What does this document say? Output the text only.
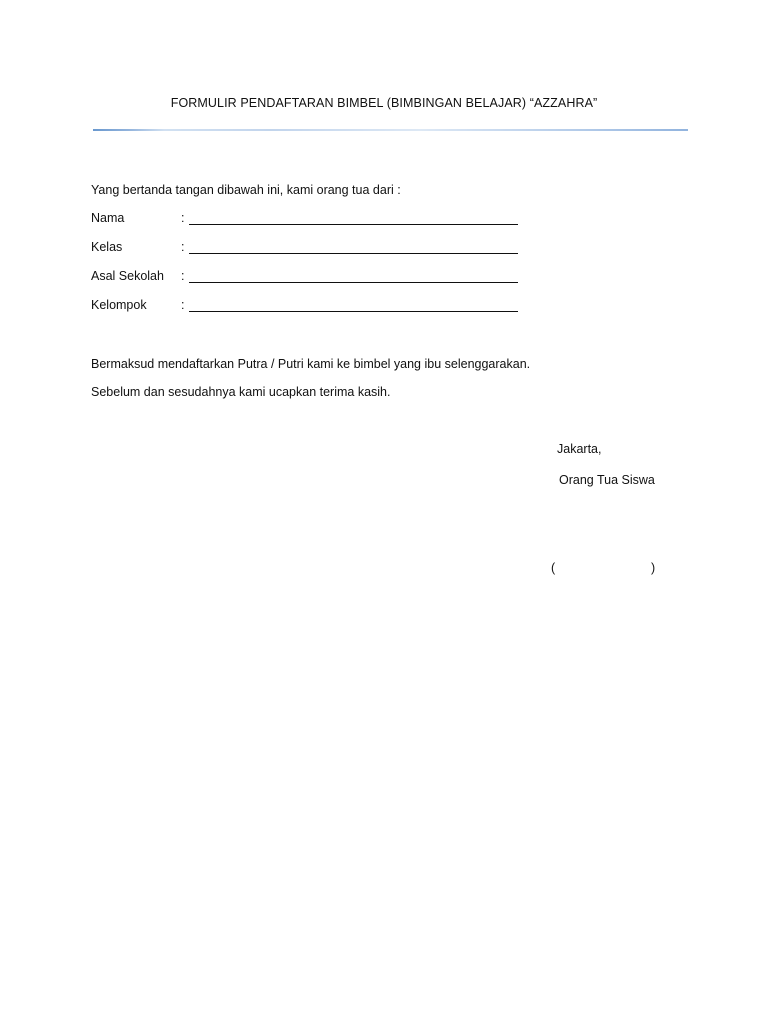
FORMULIR PENDAFTARAN BIMBEL (BIMBINGAN BELAJAR) “AZZAHRA”
Yang bertanda tangan dibawah ini, kami orang tua dari :
Nama	:
Kelas	:
Asal Sekolah :
Kelompok	:
Bermaksud mendaftarkan Putra / Putri kami ke bimbel yang ibu selenggarakan.
Sebelum dan sesudahnya kami ucapkan terima kasih.
Jakarta,
Orang Tua Siswa
(	)
